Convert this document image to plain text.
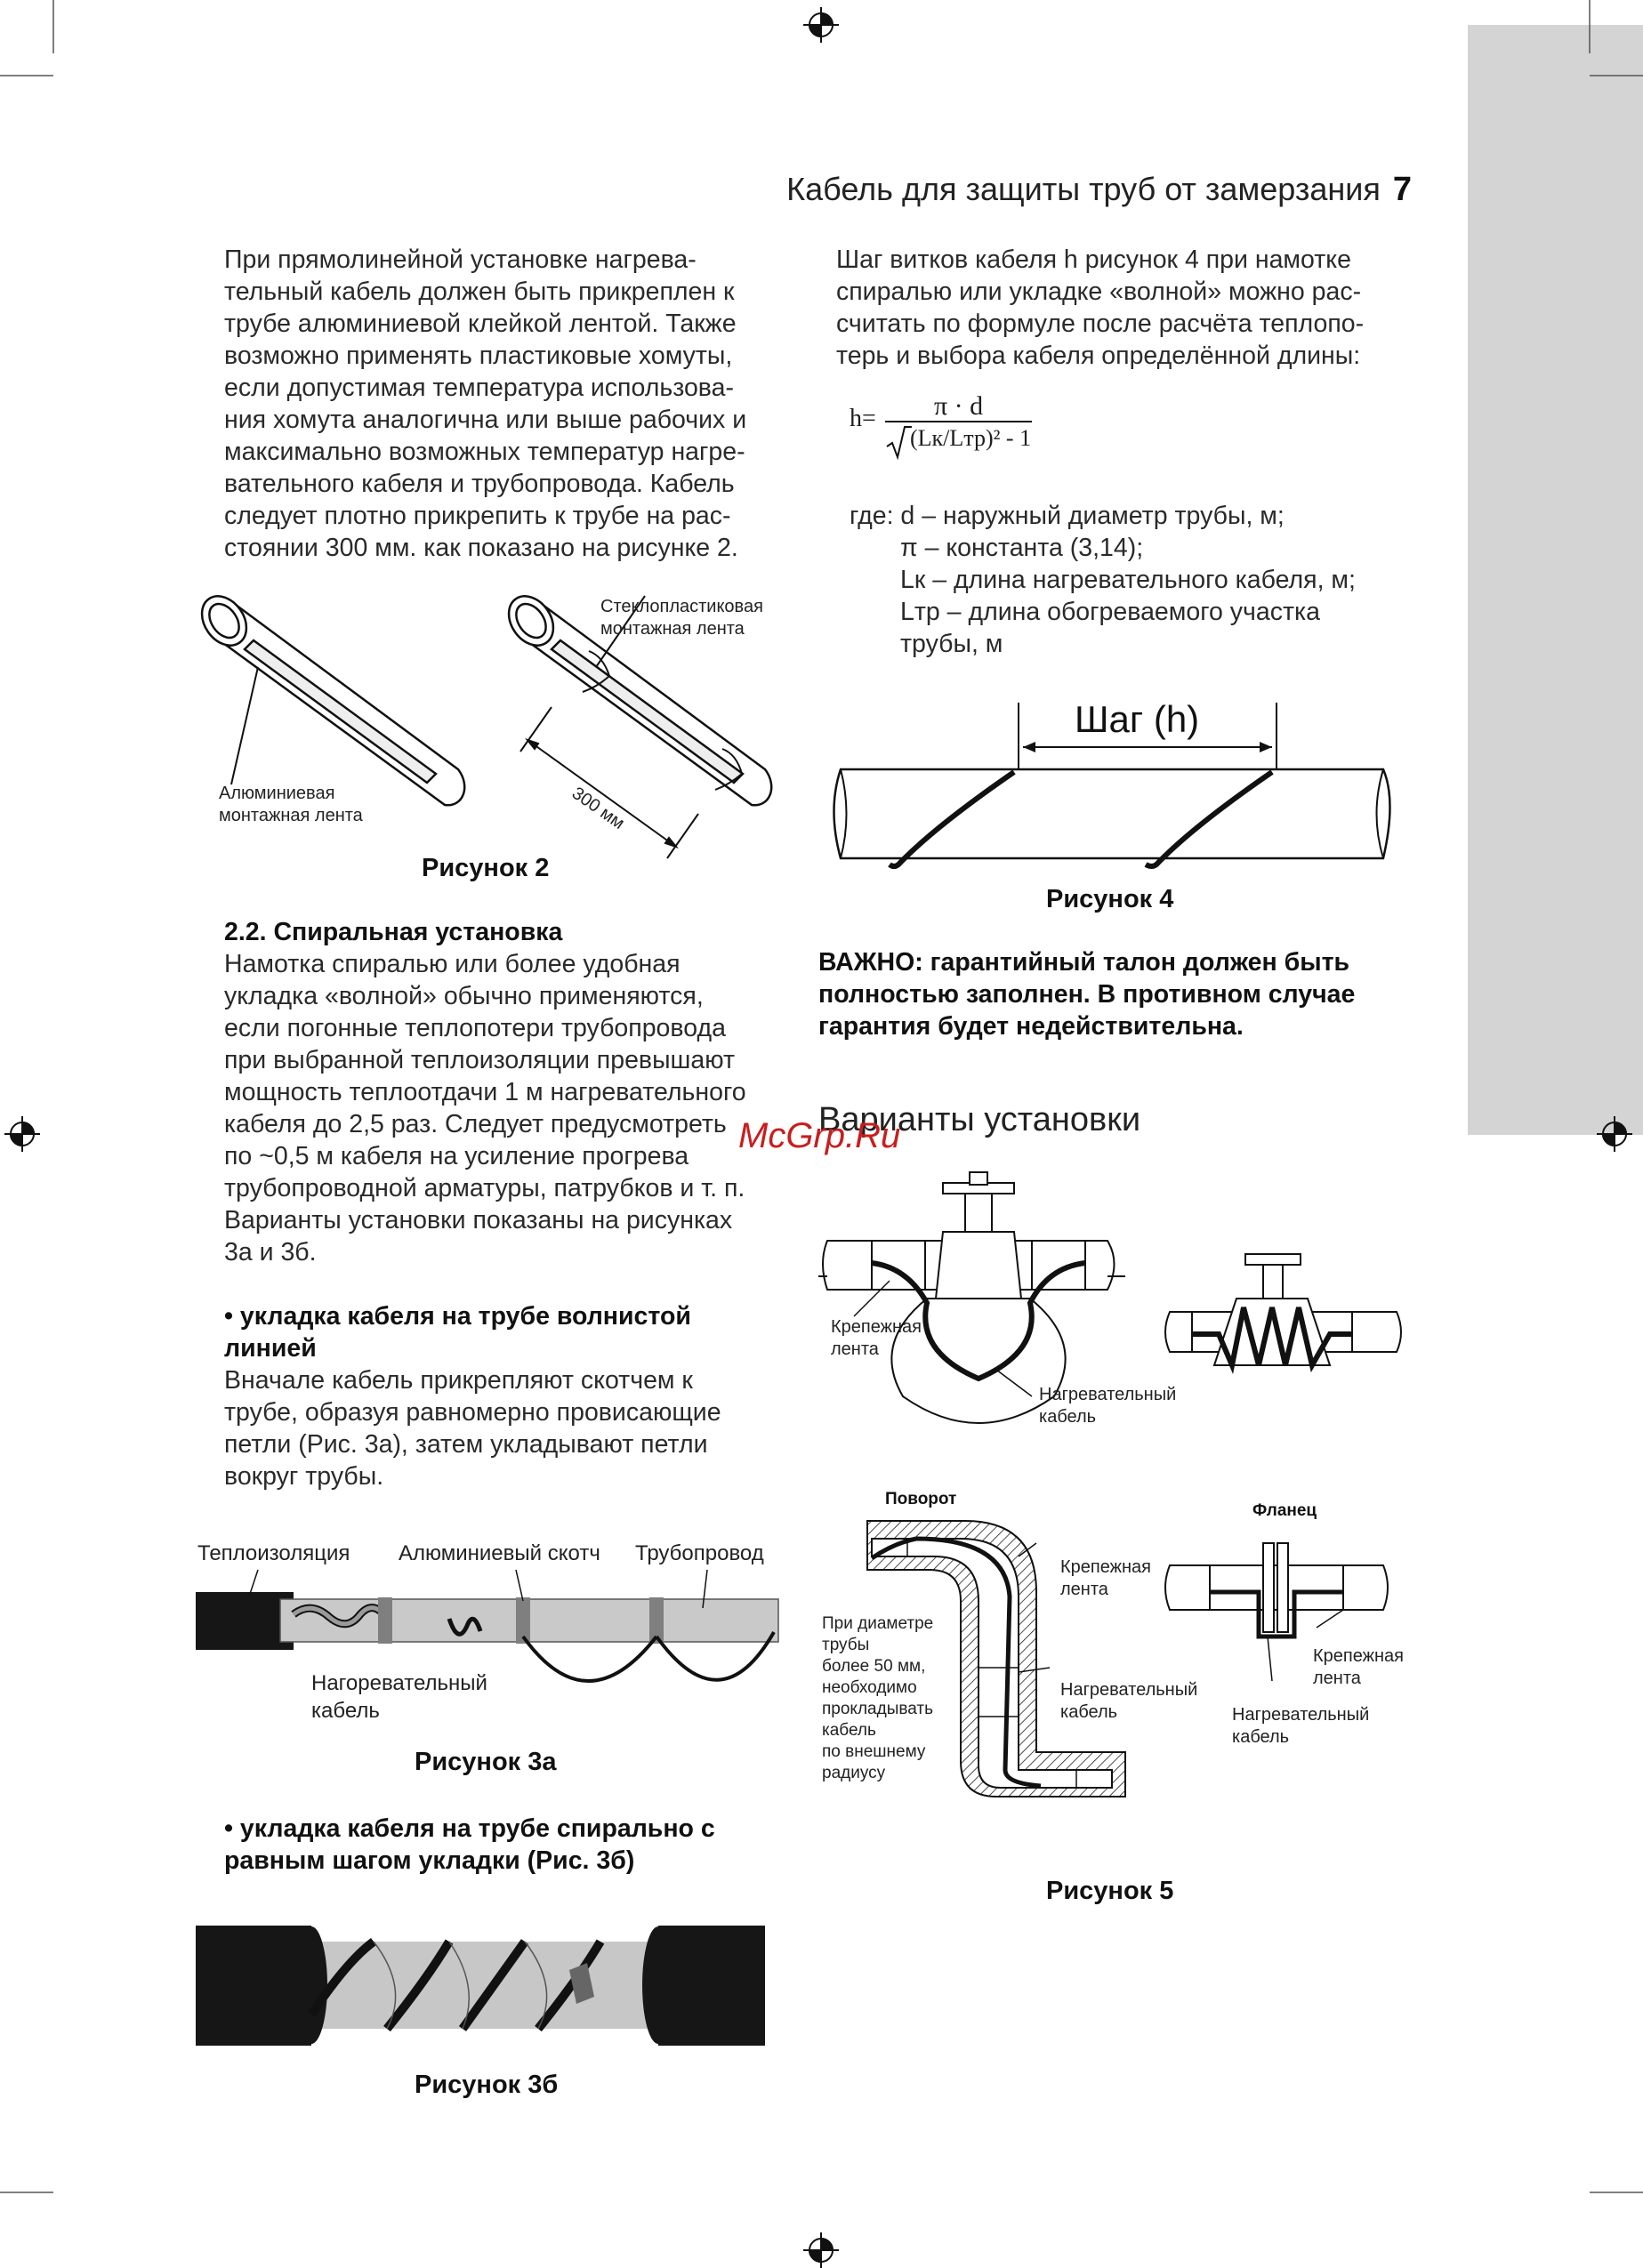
Кабель для защиты труб от замерзания 7
При прямолинейной установке нагрева-
тельный кабель должен быть прикреплен к
трубе алюминиевой клейкой лентой. Также
возможно применять пластиковые хомуты,
если допустимая температура использова-
ния хомута аналогична или выше рабочих и
максимально возможных температур нагре-
вательного кабеля и трубопровода. Кабель
следует плотно прикрепить к трубе на рас-
стоянии 300 мм. как показано на рисунке 2.
Стеклопластиковая
монтажная лента
Алюминиевая
монтажная лента	300 мм
Рисунок 2
2.2. Спиральная установка
Намотка спиралью или более удобная
укладка «волной» обычно применяются,
если погонные теплопотери трубопровода
при выбранной теплоизоляции превышают
мощность теплоотдачи 1 м нагревательного
кабеля до 2,5 раз. Следует предусмотреть
по ~0,5 м кабеля на усиление прогрева
трубопроводной арматуры, патрубков и т. п.
Варианты установки показаны на рисунках
3а и 3б.
• укладка кабеля на трубе волнистой
линией
Вначале кабель прикрепляют скотчем к
трубе, образуя равномерно провисающие
петли (Рис. 3а), затем укладывают петли
вокруг трубы.
Теплоизоляция Алюминиевый скотч Трубопровод
Нагоревательный
кабель
Рисунок 3а
• укладка кабеля на трубе спирально с
равным шагом укладки (Рис. 3б)
Рисунок 3б
Шаг витков кабеля h рисунок 4 при намотке
спиралью или укладке «волной» можно рас-
считать по формуле после расчёта теплопо-
терь и выбора кабеля определённой длины:
h= π · d
(Lк/Lтр)² - 1
где: d – наружный диаметр трубы, м;
π – константа (3,14);
Lк – длина нагревательного кабеля, м;
Lтр – длина обогреваемого участка
трубы, м
Шаг (h)
Рисунок 4
ВАЖНО: гарантийный талон должен быть
полностью заполнен. В противном случае
гарантия будет недействительна.
Варианты установки
McGrp.Ru
Крепежная
лента
Нагревательный
кабель
Поворот
Фланец
Крепежная
лента
Нагревательный
кабель
При диаметре
трубы
более 50 мм,
необходимо
прокладывать
кабель
по внешнему
радиусу
Крепежная
лента
Нагревательный
кабель
Рисунок 5
